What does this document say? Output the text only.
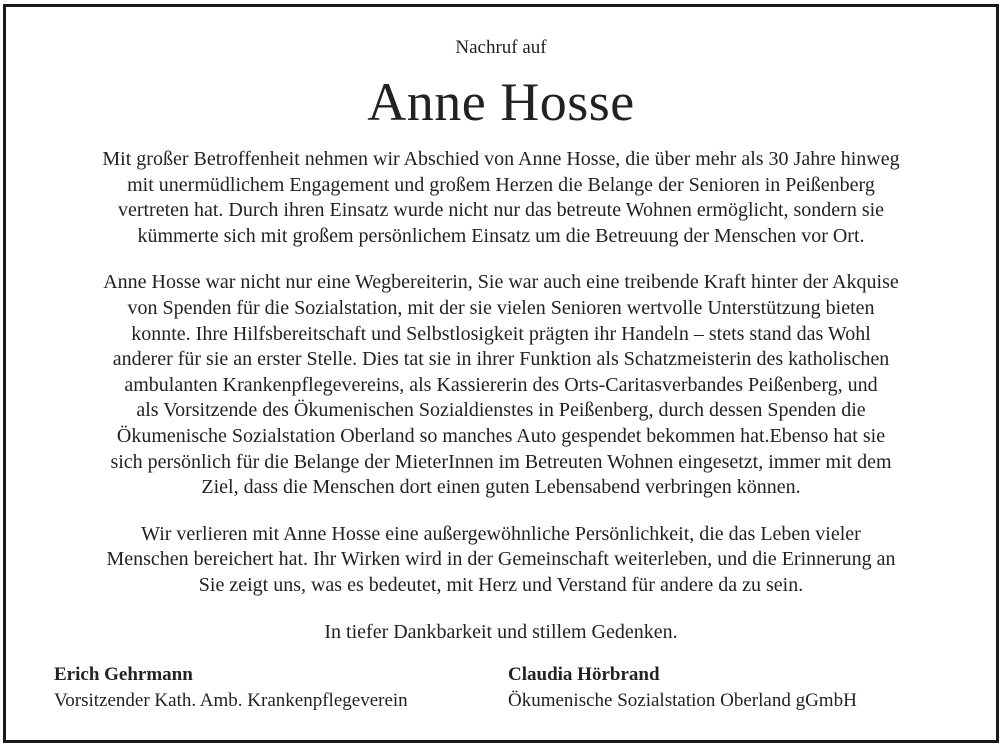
Nachruf auf
Anne Hosse

Mit großer Betroffenheit nehmen wir Abschied von Anne Hosse, die über mehr als 30 Jahre hinweg
mit unermüdlichem Engagement und großem Herzen die Belange der Senioren in Peißenberg
vertreten hat. Durch ihren Einsatz wurde nicht nur das betreute Wohnen ermöglicht, sondern sie
kümmerte sich mit großem persönlichem Einsatz um die Betreuung der Menschen vor Ort.

Anne Hosse war nicht nur eine Wegbereiterin, Sie war auch eine treibende Kraft hinter der Akquise
von Spenden für die Sozialstation, mit der sie vielen Senioren wertvolle Unterstützung bieten
konnte. Ihre Hilfsbereitschaft und Selbstlosigkeit prägten ihr Handeln – stets stand das Wohl
anderer für sie an erster Stelle. Dies tat sie in ihrer Funktion als Schatzmeisterin des katholischen
ambulanten Krankenpflegevereins, als Kassiererin des Orts-Caritasverbandes Peißenberg, und
als Vorsitzende des Ökumenischen Sozialdienstes in Peißenberg, durch dessen Spenden die
Ökumenische Sozialstation Oberland so manches Auto gespendet bekommen hat.Ebenso hat sie
sich persönlich für die Belange der MieterInnen im Betreuten Wohnen eingesetzt, immer mit dem
Ziel, dass die Menschen dort einen guten Lebensabend verbringen können.

Wir verlieren mit Anne Hosse eine außergewöhnliche Persönlichkeit, die das Leben vieler
Menschen bereichert hat. Ihr Wirken wird in der Gemeinschaft weiterleben, und die Erinnerung an
Sie zeigt uns, was es bedeutet, mit Herz und Verstand für andere da zu sein.

In tiefer Dankbarkeit und stillem Gedenken.

Erich Gehrmann
Vorsitzender Kath. Amb. Krankenpflegeverein
Claudia Hörbrand
Ökumenische Sozialstation Oberland gGmbH
